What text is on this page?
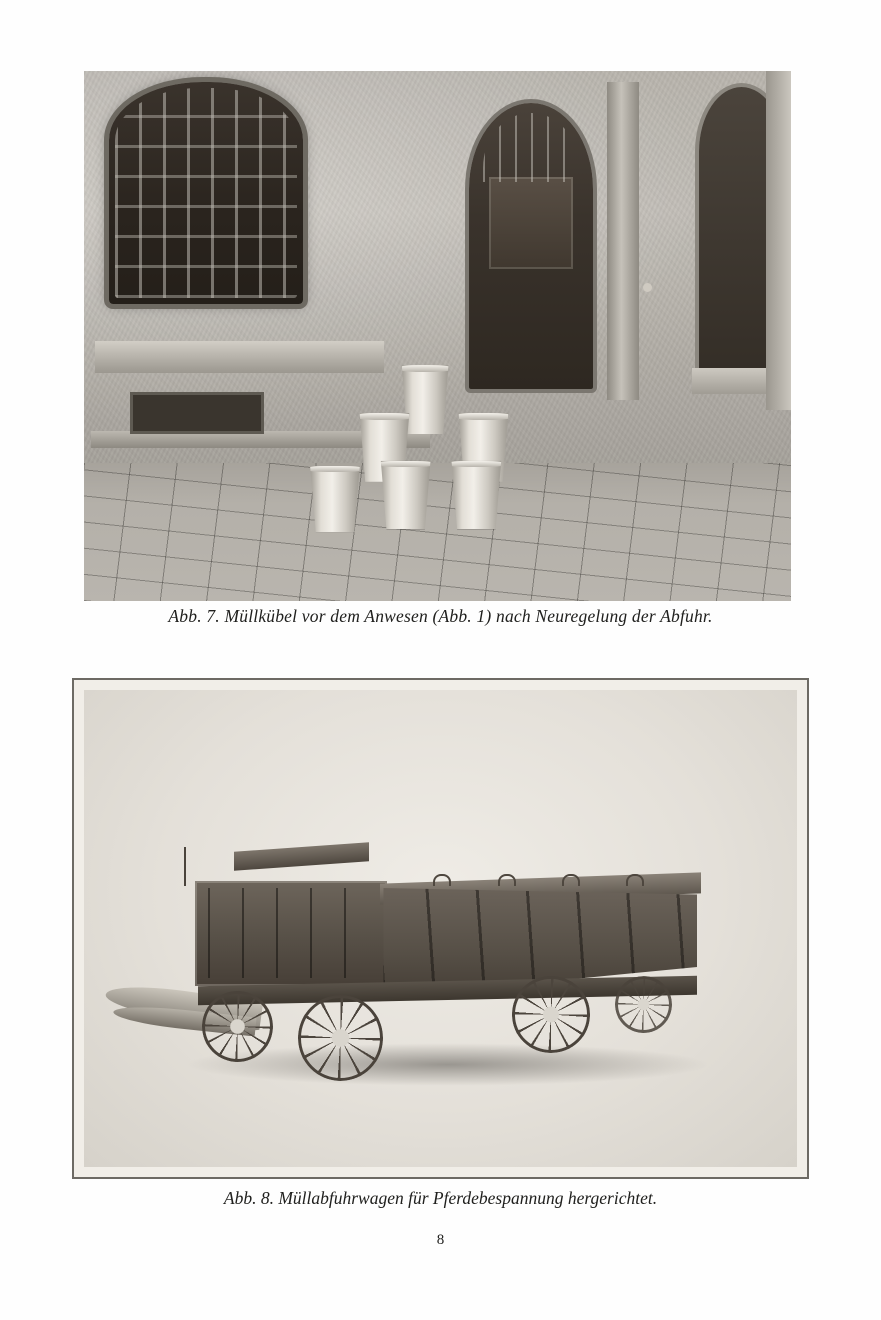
Abb. 7. Müllkübel vor dem Anwesen (Abb. 1) nach Neuregelung der Abfuhr.
Abb. 8. Müllabfuhrwagen für Pferdebespannung hergerichtet.
8
